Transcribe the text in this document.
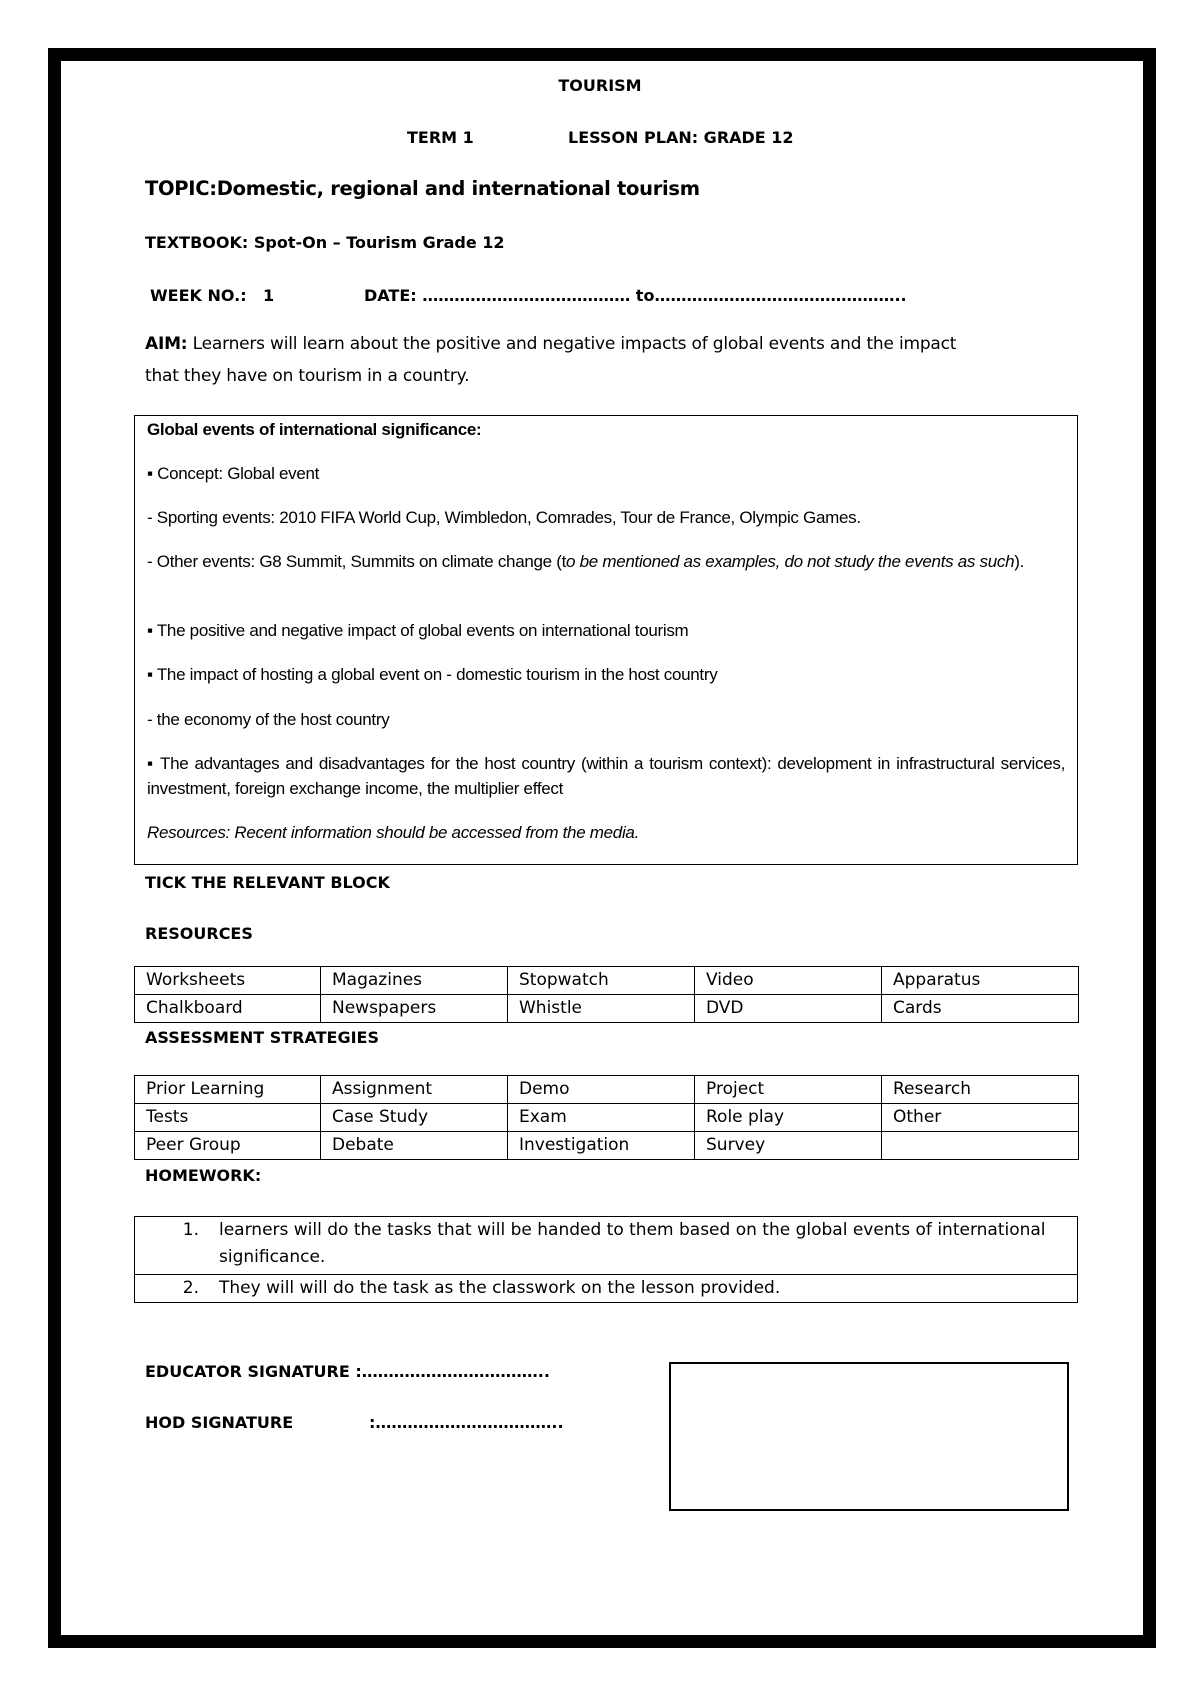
TOURISM
TERM 1	LESSON PLAN: GRADE 12
TOPIC:Domestic, regional and international tourism
TEXTBOOK: Spot-On – Tourism Grade 12
WEEK NO.: 1	DATE: ………………………………… to………………………………………..
AIM: Learners will learn about the positive and negative impacts of global events and the impact
that they have on tourism in a country.

Global events of international significance:

▪ Concept: Global event

- Sporting events: 2010 FIFA World Cup, Wimbledon, Comrades, Tour de France, Olympic Games.

- Other events: G8 Summit, Summits on climate change (to be mentioned as examples, do not study the events as such).

▪ The positive and negative impact of global events on international tourism

▪ The impact of hosting a global event on - domestic tourism in the host country

- the economy of the host country

▪ The advantages and disadvantages for the host country (within a tourism context): development in infrastructural services, investment, foreign exchange income, the multiplier effect

Resources: Recent information should be accessed from the media.

TICK THE RELEVANT BLOCK
RESOURCES
Worksheets	Magazines	Stopwatch	Video	Apparatus
Chalkboard	Newspapers	Whistle	DVD	Cards
ASSESSMENT STRATEGIES
Prior Learning	Assignment	Demo	Project	Research
Tests	Case Study	Exam	Role play	Other
Peer Group	Debate	Investigation	Survey	
HOMEWORK:
1.	learners will do the tasks that will be handed to them based on the global events of international significance.

2.	They will will do the task as the classwork on the lesson provided.
EDUCATOR SIGNATURE :……………………………..
HOD SIGNATURE	:……………………………..
